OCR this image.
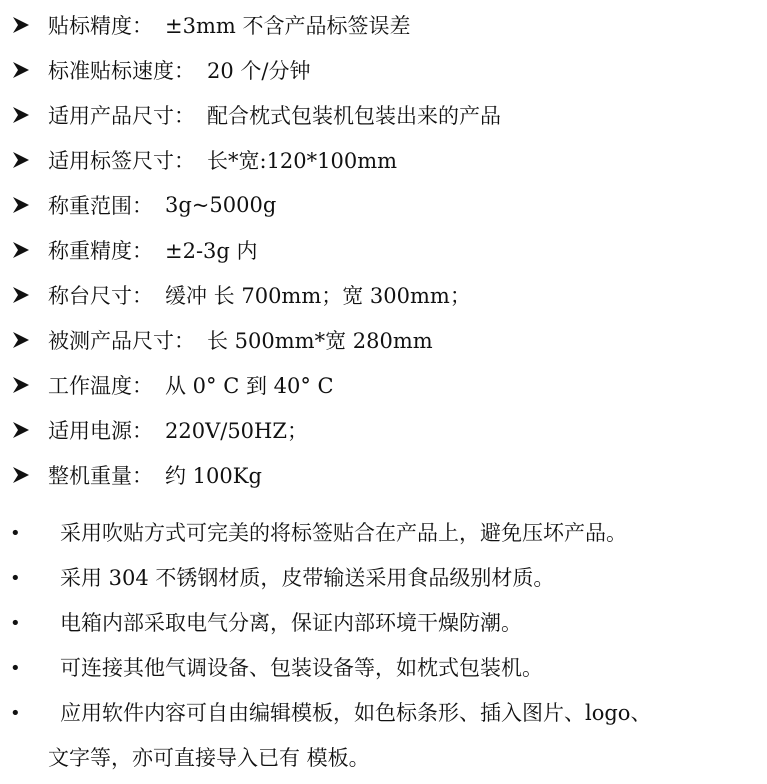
贴标精度： ±3mm 不含产品标签误差
标准贴标速度： 20 个/分钟
适用产品尺寸： 配合枕式包装机包装出来的产品
适用标签尺寸： 长*宽:120*100mm
称重范围： 3g~5000g
称重精度： ±2-3g 内
称台尺寸： 缓冲 长 700mm；宽 300mm；
被测产品尺寸： 长 500mm*宽 280mm
工作温度： 从 0° C 到 40° C
适用电源： 220V/50HZ；
整机重量： 约 100Kg
•	采用吹贴方式可完美的将标签贴合在产品上，避免压坏产品。
•	采用 304 不锈钢材质，皮带输送采用食品级别材质。
•	电箱内部采取电气分离，保证内部环境干燥防潮。
•	可连接其他气调设备、包装设备等，如枕式包装机。
•	应用软件内容可自由编辑模板，如色标条形、插入图片、logo、
文字等，亦可直接导入已有 模板。
